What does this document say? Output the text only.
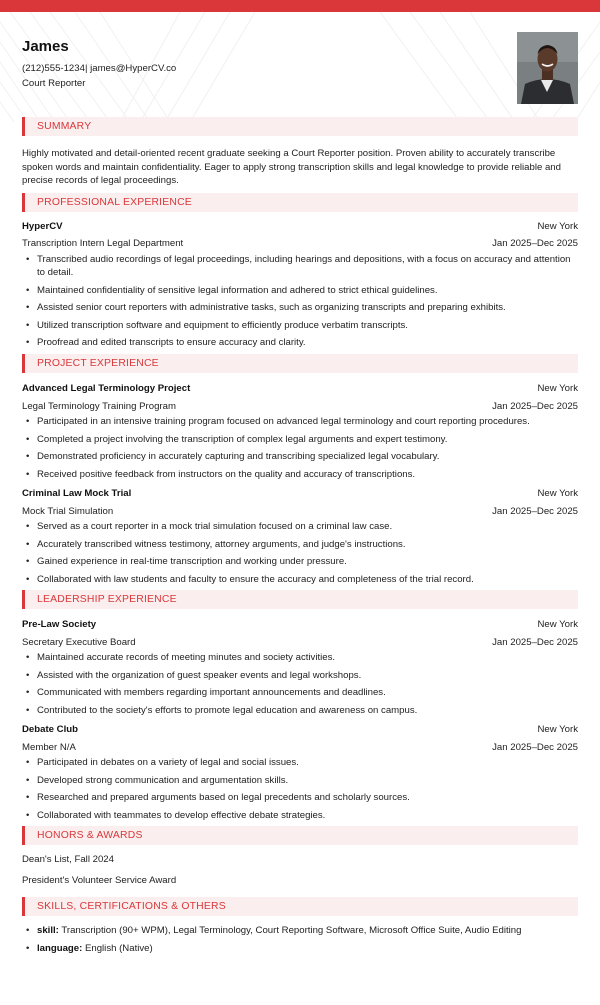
James
(212)555-1234| james@HyperCV.co
Court Reporter
SUMMARY
Highly motivated and detail-oriented recent graduate seeking a Court Reporter position. Proven ability to accurately transcribe spoken words and maintain confidentiality. Eager to apply strong transcription skills and legal knowledge to provide reliable and precise records of legal proceedings.
PROFESSIONAL EXPERIENCE
HyperCV	New York
Transcription Intern Legal Department	Jan 2025–Dec 2025
• Transcribed audio recordings of legal proceedings, including hearings and depositions, with a focus on accuracy and attention to detail.
• Maintained confidentiality of sensitive legal information and adhered to strict ethical guidelines.
• Assisted senior court reporters with administrative tasks, such as organizing transcripts and preparing exhibits.
• Utilized transcription software and equipment to efficiently produce verbatim transcripts.
• Proofread and edited transcripts to ensure accuracy and clarity.
PROJECT EXPERIENCE
Advanced Legal Terminology Project	New York
Legal Terminology Training Program	Jan 2025–Dec 2025
• Participated in an intensive training program focused on advanced legal terminology and court reporting procedures.
• Completed a project involving the transcription of complex legal arguments and expert testimony.
• Demonstrated proficiency in accurately capturing and transcribing specialized legal vocabulary.
• Received positive feedback from instructors on the quality and accuracy of transcriptions.
Criminal Law Mock Trial	New York
Mock Trial Simulation	Jan 2025–Dec 2025
• Served as a court reporter in a mock trial simulation focused on a criminal law case.
• Accurately transcribed witness testimony, attorney arguments, and judge's instructions.
• Gained experience in real-time transcription and working under pressure.
• Collaborated with law students and faculty to ensure the accuracy and completeness of the trial record.
LEADERSHIP EXPERIENCE
Pre-Law Society	New York
Secretary Executive Board	Jan 2025–Dec 2025
• Maintained accurate records of meeting minutes and society activities.
• Assisted with the organization of guest speaker events and legal workshops.
• Communicated with members regarding important announcements and deadlines.
• Contributed to the society's efforts to promote legal education and awareness on campus.
Debate Club	New York
Member N/A	Jan 2025–Dec 2025
• Participated in debates on a variety of legal and social issues.
• Developed strong communication and argumentation skills.
• Researched and prepared arguments based on legal precedents and scholarly sources.
• Collaborated with teammates to develop effective debate strategies.
HONORS & AWARDS
Dean's List, Fall 2024
President's Volunteer Service Award
SKILLS, CERTIFICATIONS & OTHERS
• skill: Transcription (90+ WPM), Legal Terminology, Court Reporting Software, Microsoft Office Suite, Audio Editing
• language: English (Native)
